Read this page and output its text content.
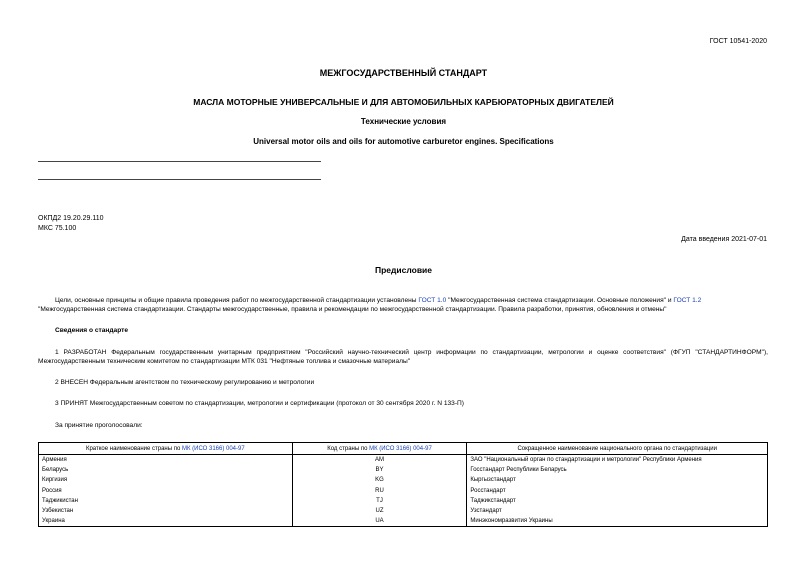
ГОСТ 10541-2020
МЕЖГОСУДАРСТВЕННЫЙ СТАНДАРТ
МАСЛА МОТОРНЫЕ УНИВЕРСАЛЬНЫЕ И ДЛЯ АВТОМОБИЛЬНЫХ КАРБЮРАТОРНЫХ ДВИГАТЕЛЕЙ
Технические условия
Universal motor oils and oils for automotive carburetor engines. Specifications
ОКПД2 19.20.29.110
МКС 75.100
Дата введения 2021-07-01
Предисловие
Цели, основные принципы и общие правила проведения работ по межгосударственной стандартизации установлены ГОСТ 1.0 "Межгосударственная система стандартизации. Основные положения" и ГОСТ 1.2 "Межгосударственная система стандартизации. Стандарты межгосударственные, правила и рекомендации по межгосударственной стандартизации. Правила разработки, принятия, обновления и отмены"
Сведения о стандарте
1 РАЗРАБОТАН Федеральным государственным унитарным предприятием "Российский научно-технический центр информации по стандартизации, метрологии и оценке соответствия" (ФГУП "СТАНДАРТИНФОРМ"), Межгосударственным техническим комитетом по стандартизации МТК 031 "Нефтяные топлива и смазочные материалы"
2 ВНЕСЕН Федеральным агентством по техническому регулированию и метрологии
3 ПРИНЯТ Межгосударственным советом по стандартизации, метрологии и сертификации (протокол от 30 сентября 2020 г. N 133-П)
За принятие проголосовали:
Краткое наименование страны по МК (ИСО 3166) 004-97	Код страны по МК (ИСО 3166) 004-97	Сокращенное наименование национального органа по стандартизации
Армения	AM	ЗАО "Национальный орган по стандартизации и метрологии" Республики Армения
Беларусь	BY	Госстандарт Республики Беларусь
Киргизия	KG	Кыргызстандарт
Россия	RU	Росстандарт
Таджикистан	TJ	Таджикстандарт
Узбекистан	UZ	Узстандарт
Украина	UA	Минэкономразвития Украины
